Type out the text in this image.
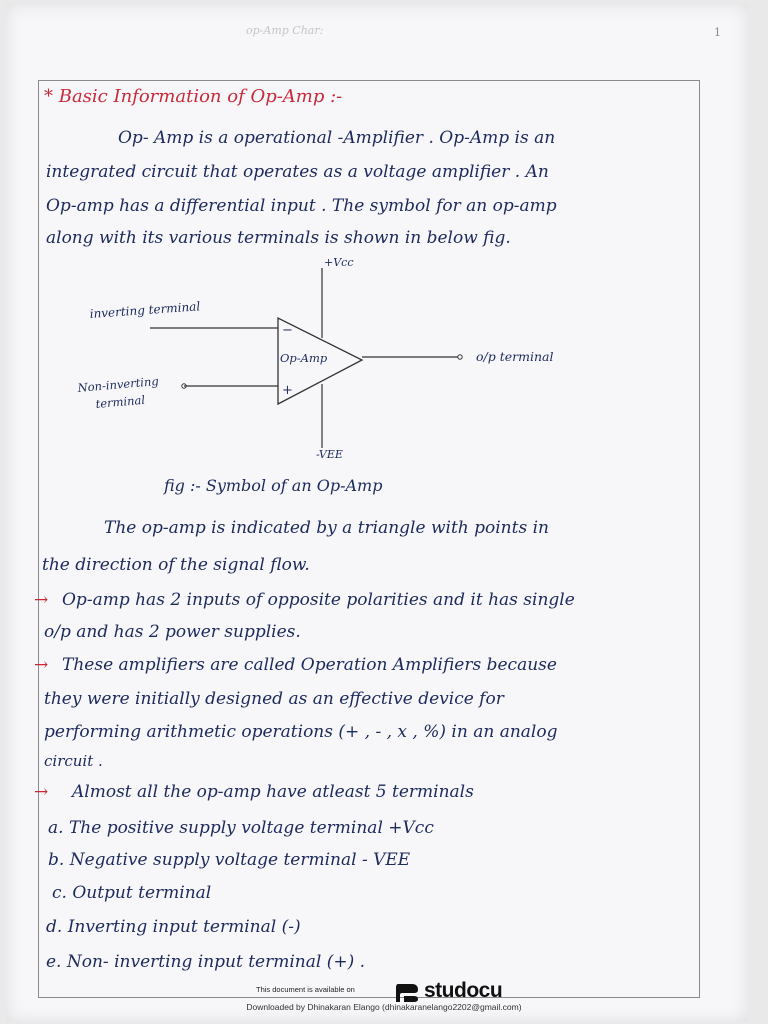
op-Amp Char:	1
* Basic Information of Op-Amp :-
Op- Amp is a operational -Amplifier . Op-Amp is an
integrated circuit that operates as a voltage amplifier . An
Op-amp has a differential input . The symbol for an op-amp
along with its various terminals is shown in below fig.
+Vcc
-VEE
inverting terminal
Non-inverting
terminal
−
+
Op-Amp	o/p terminal
fig :- Symbol of an Op-Amp
The op-amp is indicated by a triangle with points in
the direction of the signal flow.
→ Op-amp has 2 inputs of opposite polarities and it has single
o/p and has 2 power supplies.
→ These amplifiers are called Operation Amplifiers because
they were initially designed as an effective device for
performing arithmetic operations (+ , - , x , %) in an analog
circuit .
→ Almost all the op-amp have atleast 5 terminals
a. The positive supply voltage terminal +Vcc
b. Negative supply voltage terminal - VEE
c. Output terminal
d. Inverting input terminal (-)
e. Non- inverting input terminal (+) .
This document is available on	studocu
Downloaded by Dhinakaran Elango (dhinakaranelango2202@gmail.com)
